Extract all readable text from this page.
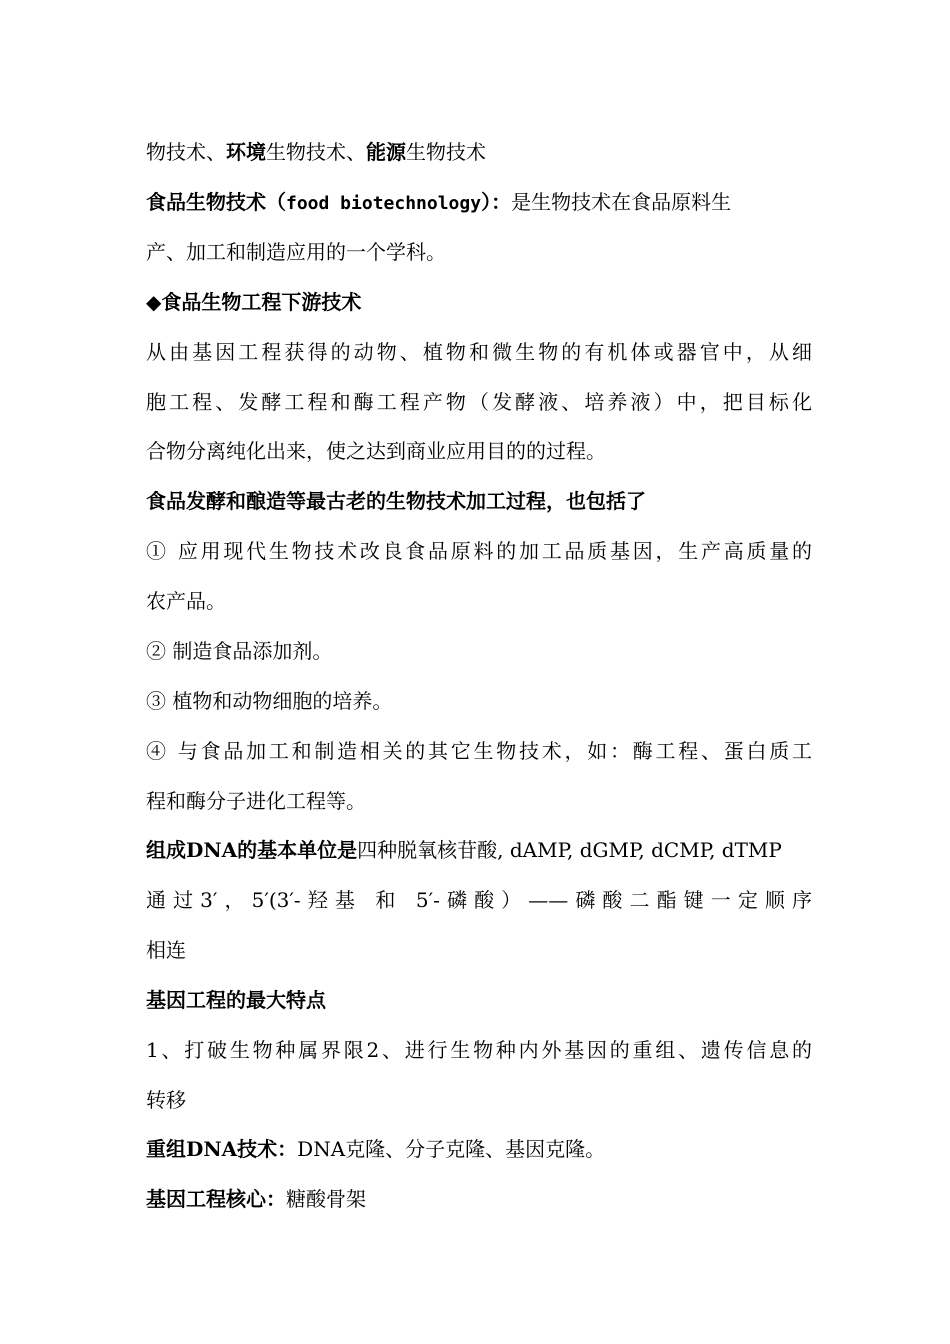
物技术、环境生物技术、能源生物技术
食品生物技术（food biotechnology）：是生物技术在食品原料生
产、加工和制造应用的一个学科。
◆食品生物工程下游技术
从由基因工程获得的动物、植物和微生物的有机体或器官中，从细
胞工程、发酵工程和酶工程产物（发酵液、培养液）中，把目标化
合物分离纯化出来，使之达到商业应用目的的过程。
食品发酵和酿造等最古老的生物技术加工过程，也包括了
① 应用现代生物技术改良食品原料的加工品质基因，生产高质量的
农产品。
② 制造食品添加剂。
③ 植物和动物细胞的培养。
④ 与食品加工和制造相关的其它生物技术，如：酶工程、蛋白质工
程和酶分子进化工程等。
组成DNA的基本单位是四种脱氧核苷酸, dAMP, dGMP, dCMP, dTMP
通过3′，5′(3′-羟基 和 5′-磷酸）——磷酸二酯键一定顺序
相连
基因工程的最大特点
1、打破生物种属界限2、进行生物种内外基因的重组、遗传信息的
转移
重组DNA技术：DNA克隆、分子克隆、基因克隆。
基因工程核心：糖酸骨架
